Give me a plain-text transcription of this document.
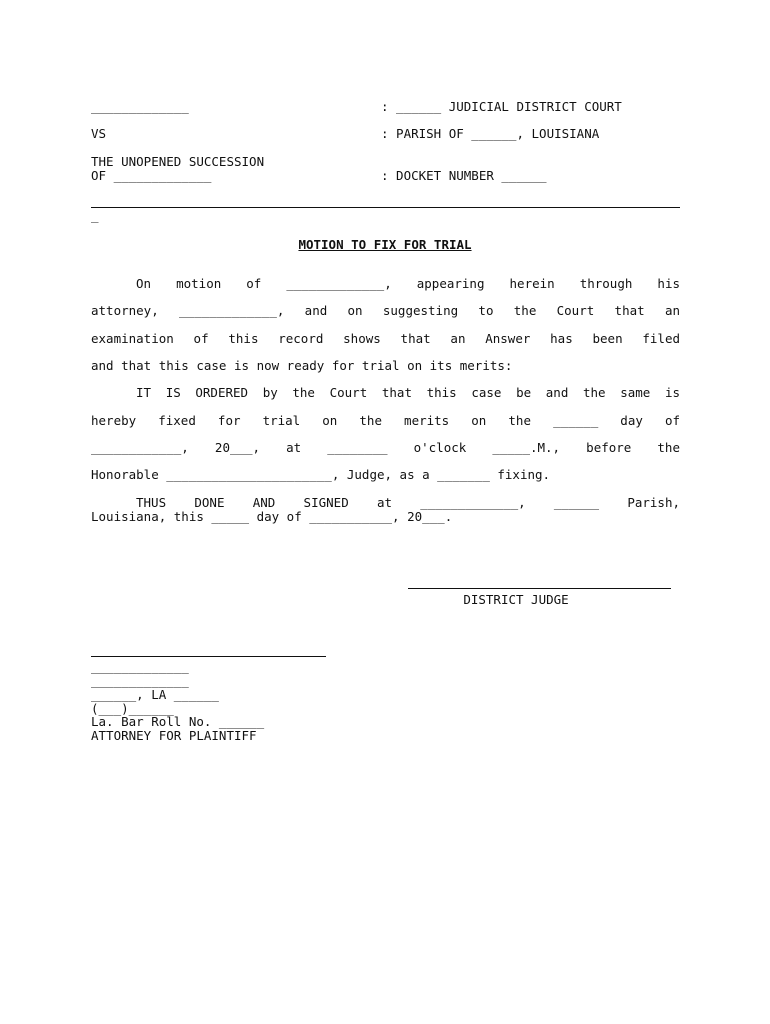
_____________	: ______ JUDICIAL DISTRICT COURT
VS	: PARISH OF ______, LOUISIANA
THE UNOPENED SUCCESSION
OF _____________	: DOCKET NUMBER ______
_
MOTION TO FIX FOR TRIAL
On motion of _____________, appearing herein through his
attorney, _____________, and on suggesting to the Court that an
examination of this record shows that an Answer has been filed
and that this case is now ready for trial on its merits:
IT IS ORDERED by the Court that this case be and the same is
hereby fixed for trial on the merits on the ______ day of
____________, 20___, at ________ o'clock _____.M., before the
Honorable ______________________, Judge, as a _______ fixing.
THUS DONE AND SIGNED at _____________, ______ Parish,
Louisiana, this _____ day of ___________, 20___.
DISTRICT JUDGE
_____________
_____________
______, LA ______
(___)______
La. Bar Roll No. ______
ATTORNEY FOR PLAINTIFF
